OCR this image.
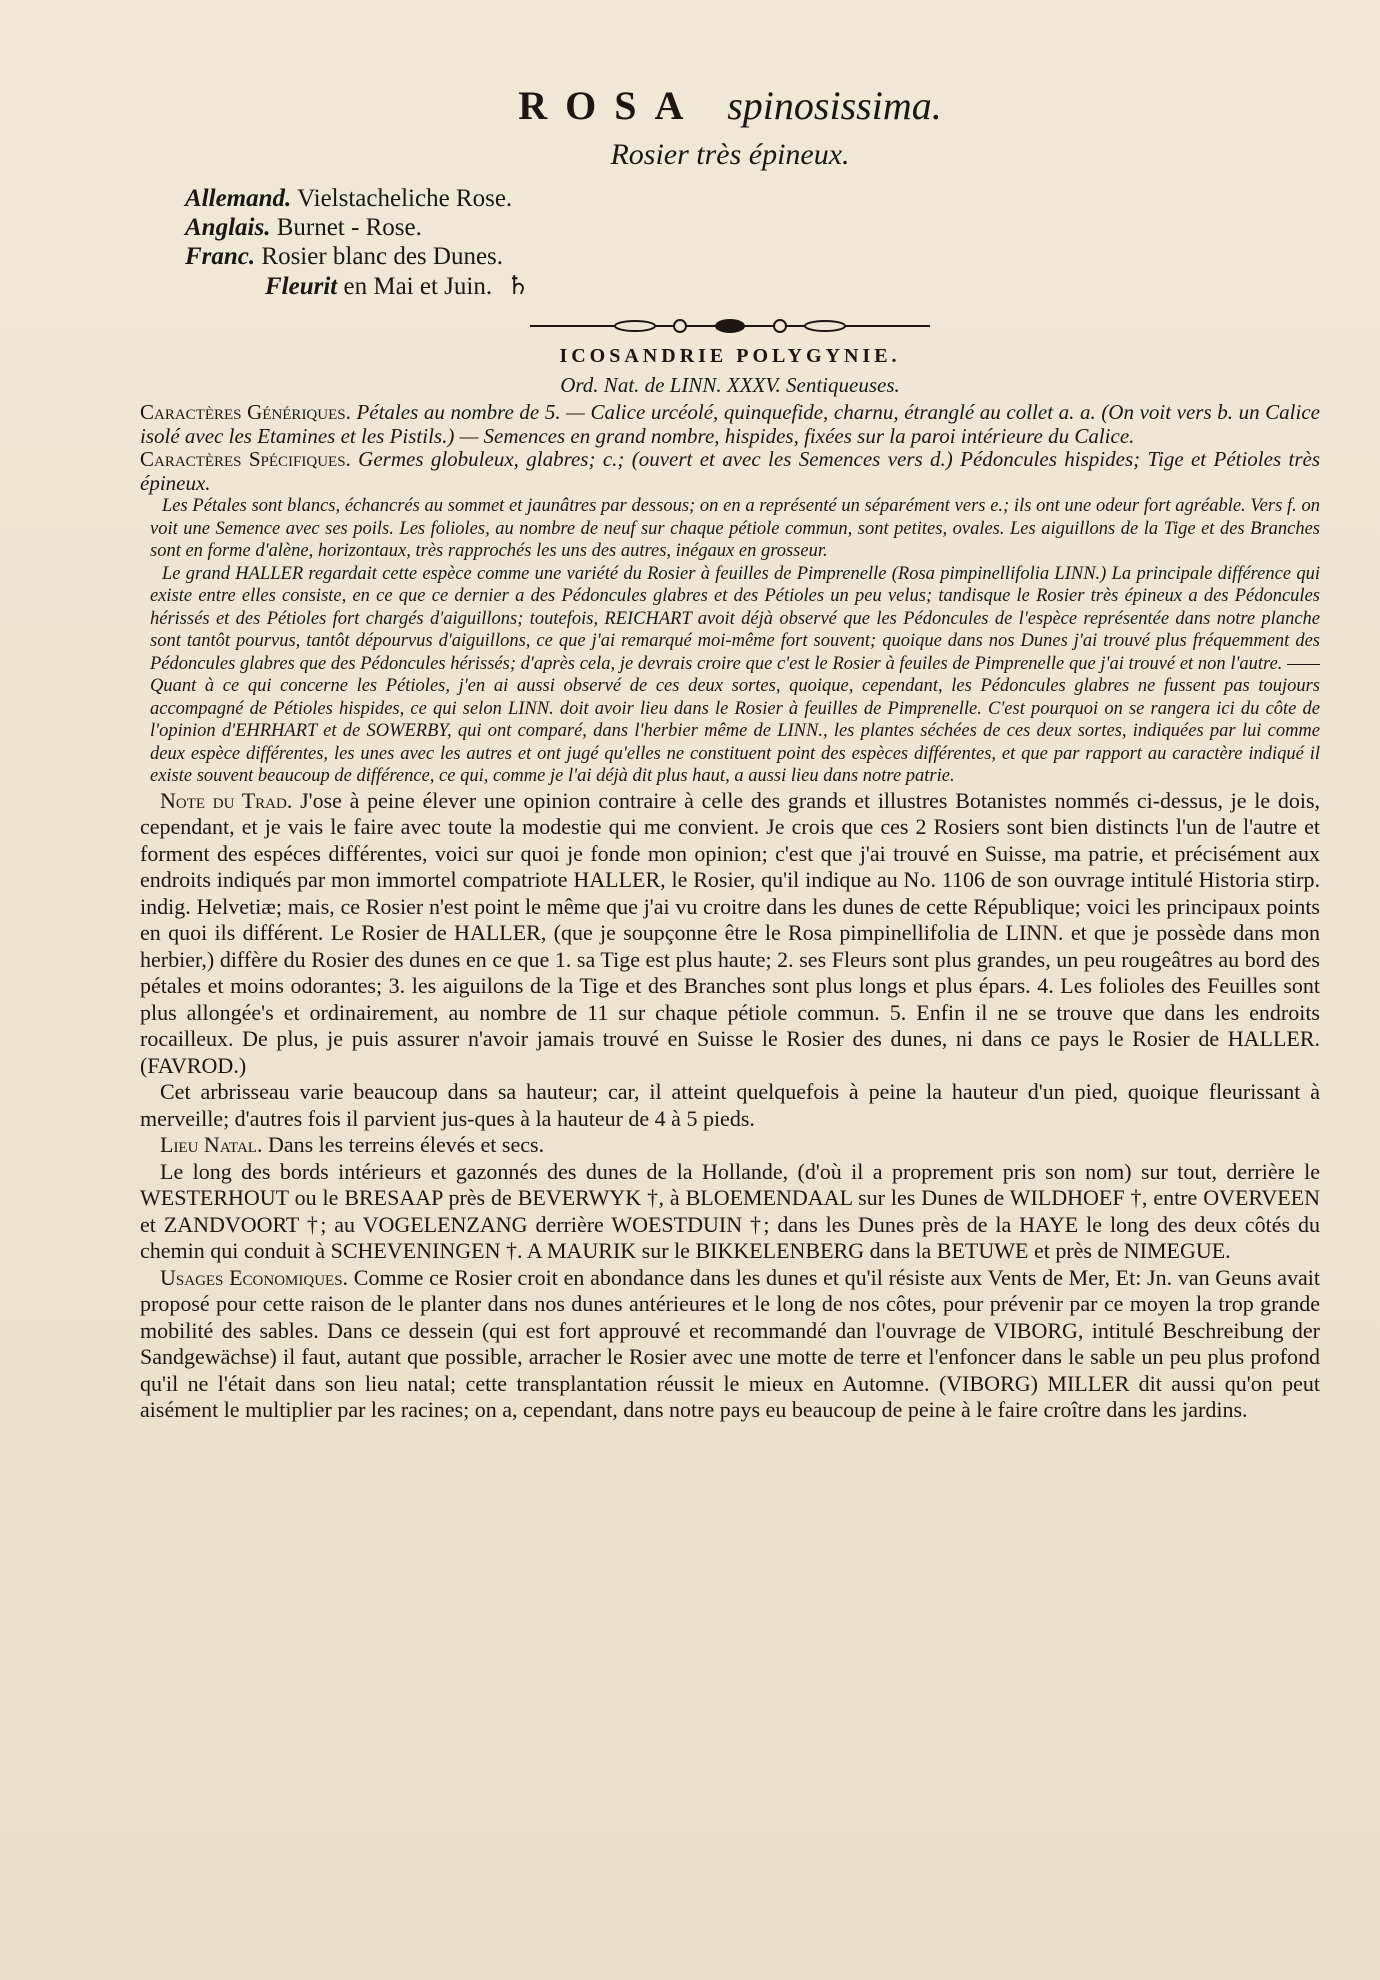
ROSA spinosissima.

Rosier très épineux.

Allemand. Vielstacheliche Rose.
Anglais. Burnet - Rose.
Franc. Rosier blanc des Dunes.
Fleurit en Mai et Juin. ♄
ICOSANDRIE POLYGYNIE.
Ord. Nat. de LINN. XXXV. Sentiqueuses.

Caractères Génériques. Pétales au nombre de 5. — Calice urcéolé, quinquefide, charnu, étranglé au collet a. a. (On voit vers b. un Calice isolé avec les Etamines et les Pistils.) — Semences en grand nombre, hispides, fixées sur la paroi intérieure du Calice.

Caractères Spécifiques. Germes globuleux, glabres; c.; (ouvert et avec les Semences vers d.) Pédoncules hispides; Tige et Pétioles très épineux.

Les Pétales sont blancs, échancrés au sommet et jaunâtres par dessous; on en a représenté un séparément vers e.; ils ont une odeur fort agréable. Vers f. on voit une Semence avec ses poils. Les folioles, au nombre de neuf sur chaque pétiole commun, sont petites, ovales. Les aiguillons de la Tige et des Branches sont en forme d'alène, horizontaux, très rapprochés les uns des autres, inégaux en grosseur.

Le grand HALLER regardait cette espèce comme une variété du Rosier à feuilles de Pimprenelle (Rosa pimpinellifolia LINN.) La principale différence qui existe entre elles consiste, en ce que ce dernier a des Pédoncules glabres et des Pétioles un peu velus; tandisque le Rosier très épineux a des Pédoncules hérissés et des Pétioles fort chargés d'aiguillons; toutefois, REICHART avoit déjà observé que les Pédoncules de l'espèce représentée dans notre planche sont tantôt pourvus, tantôt dépourvus d'aiguillons, ce que j'ai remarqué moi-même fort souvent; quoique dans nos Dunes j'ai trouvé plus fréquemment des Pédoncules glabres que des Pédoncules hérissés; d'après cela, je devrais croire que c'est le Rosier à feuiles de Pimprenelle que j'ai trouvé et non l'autre. —— Quant à ce qui concerne les Pétioles, j'en ai aussi observé de ces deux sortes, quoique, cependant, les Pédoncules glabres ne fussent pas toujours accompagné de Pétioles hispides, ce qui selon LINN. doit avoir lieu dans le Rosier à feuilles de Pimprenelle. C'est pourquoi on se rangera ici du côte de l'opinion d'EHRHART et de SOWERBY, qui ont comparé, dans l'herbier même de LINN., les plantes séchées de ces deux sortes, indiquées par lui comme deux espèce différentes, les unes avec les autres et ont jugé qu'elles ne constituent point des espèces différentes, et que par rapport au caractère indiqué il existe souvent beaucoup de différence, ce qui, comme je l'ai déjà dit plus haut, a aussi lieu dans notre patrie.

Note du Trad. J'ose à peine élever une opinion contraire à celle des grands et illustres Botanistes nommés ci-dessus, je le dois, cependant, et je vais le faire avec toute la modestie qui me convient. Je crois que ces 2 Rosiers sont bien distincts l'un de l'autre et forment des espéces différentes, voici sur quoi je fonde mon opinion; c'est que j'ai trouvé en Suisse, ma patrie, et précisément aux endroits indiqués par mon immortel compatriote HALLER, le Rosier, qu'il indique au No. 1106 de son ouvrage intitulé Historia stirp. indig. Helvetiæ; mais, ce Rosier n'est point le même que j'ai vu croitre dans les dunes de cette République; voici les principaux points en quoi ils différent. Le Rosier de HALLER, (que je soupçonne être le Rosa pimpinellifolia de LINN. et que je possède dans mon herbier,) diffère du Rosier des dunes en ce que 1. sa Tige est plus haute; 2. ses Fleurs sont plus grandes, un peu rougeâtres au bord des pétales et moins odorantes; 3. les aiguilons de la Tige et des Branches sont plus longs et plus épars. 4. Les folioles des Feuilles sont plus allongée's et ordinairement, au nombre de 11 sur chaque pétiole commun. 5. Enfin il ne se trouve que dans les endroits rocailleux. De plus, je puis assurer n'avoir jamais trouvé en Suisse le Rosier des dunes, ni dans ce pays le Rosier de HALLER. (FAVROD.)

Cet arbrisseau varie beaucoup dans sa hauteur; car, il atteint quelquefois à peine la hauteur d'un pied, quoique fleurissant à merveille; d'autres fois il parvient jus-ques à la hauteur de 4 à 5 pieds.

Lieu Natal. Dans les terreins élevés et secs.

Le long des bords intérieurs et gazonnés des dunes de la Hollande, (d'où il a proprement pris son nom) sur tout, derrière le WESTERHOUT ou le BRESAAP près de BEVERWYK †, à BLOEMENDAAL sur les Dunes de WILDHOEF †, entre OVERVEEN et ZANDVOORT †; au VOGELENZANG derrière WOESTDUIN †; dans les Dunes près de la HAYE le long des deux côtés du chemin qui conduit à SCHEVENINGEN †. A MAURIK sur le BIKKELENBERG dans la BETUWE et près de NIMEGUE.

Usages Economiques. Comme ce Rosier croit en abondance dans les dunes et qu'il résiste aux Vents de Mer, Et: Jn. van Geuns avait proposé pour cette raison de le planter dans nos dunes antérieures et le long de nos côtes, pour prévenir par ce moyen la trop grande mobilité des sables. Dans ce dessein (qui est fort approuvé et recommandé dan l'ouvrage de VIBORG, intitulé Beschreibung der Sandgewächse) il faut, autant que possible, arracher le Rosier avec une motte de terre et l'enfoncer dans le sable un peu plus profond qu'il ne l'était dans son lieu natal; cette transplantation réussit le mieux en Automne. (VIBORG) MILLER dit aussi qu'on peut aisément le multiplier par les racines; on a, cependant, dans notre pays eu beaucoup de peine à le faire croître dans les jardins.
